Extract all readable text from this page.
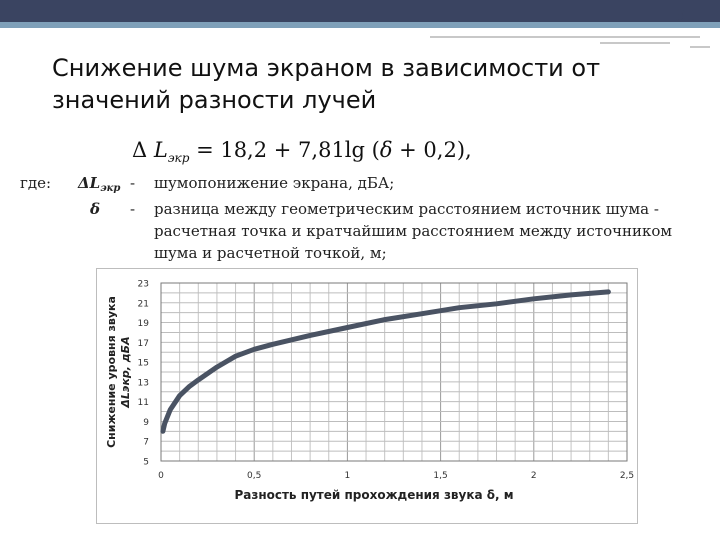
31
Снижение шума экраном в зависимости от значений разности лучей
Δ $L_{экр} = 18,2 + 7,81\lg$ (δ + 0,2),
где: $\Delta L_{экр}$ - шумопонижение экрана, дБА;
δ - разница между геометрическим расстоянием источник шума - расчетная точка и кратчайшим расстоянием между источником шума и расчетной точкой, м;
5
7
9
11
13
15
17
19
21
23
0	0,5	1	1,5	2	2,5
Снижение уровня звука ΔLэкр, дБА
Разность путей прохождения звука δ, м
